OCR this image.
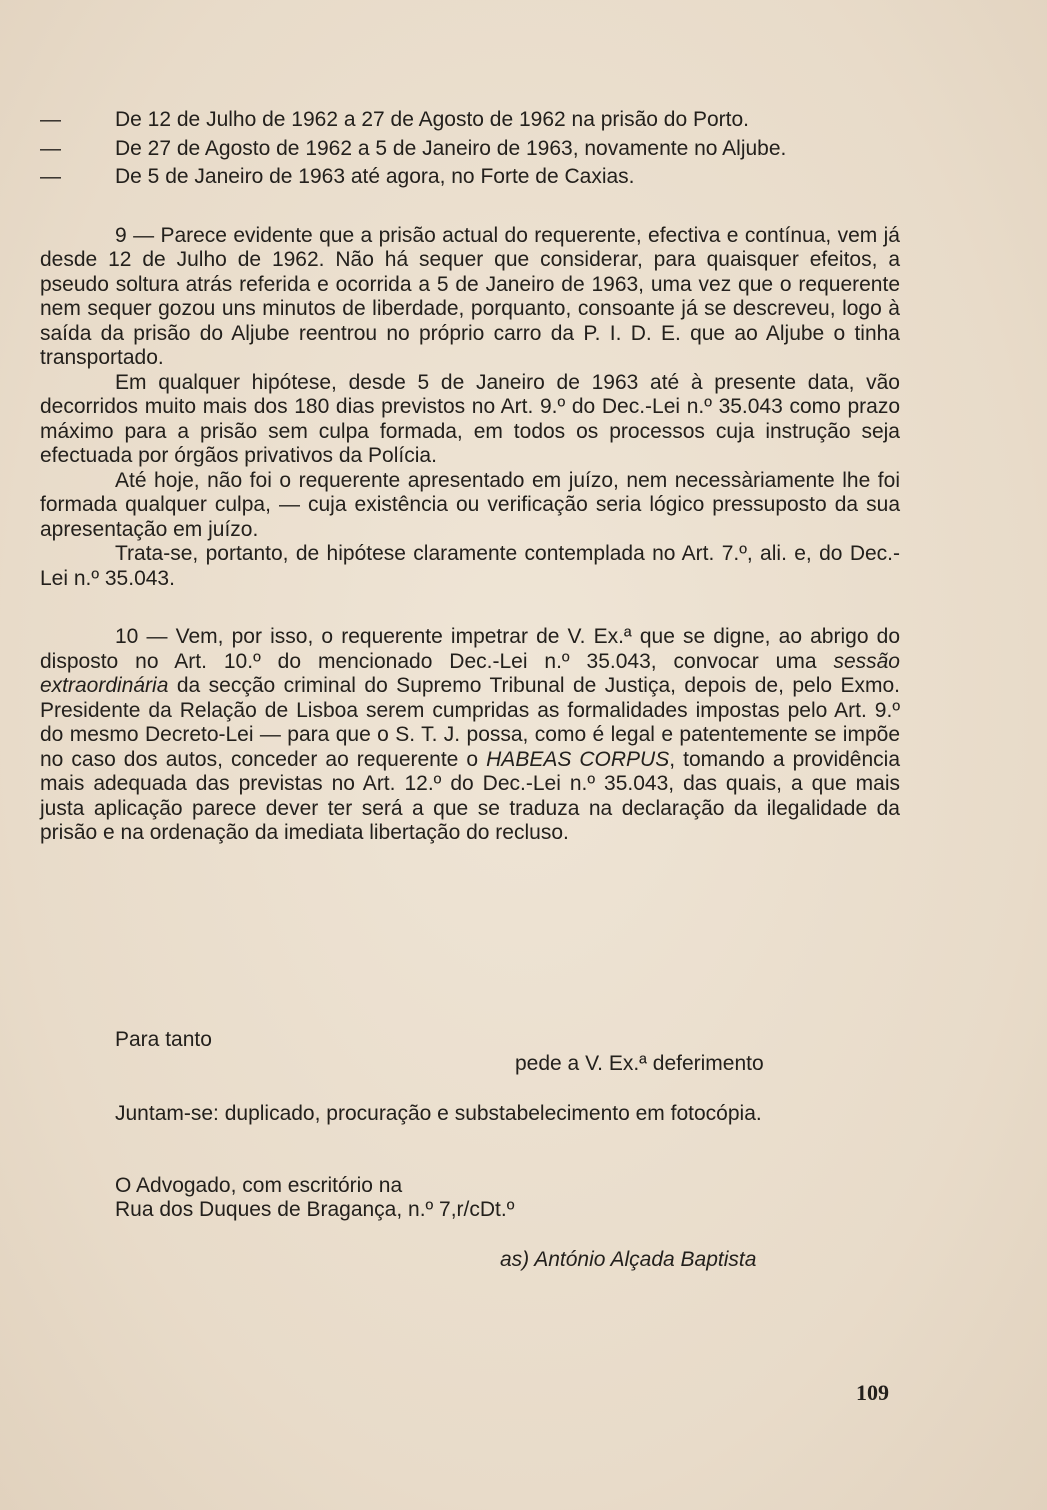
—	De 12 de Julho de 1962 a 27 de Agosto de 1962 na prisão do Porto.

—	De 27 de Agosto de 1962 a 5 de Janeiro de 1963, novamente no Aljube.

—	De 5 de Janeiro de 1963 até agora, no Forte de Caxias.

9 — Parece evidente que a prisão actual do requerente, efectiva e contínua, vem já desde 12 de Julho de 1962. Não há sequer que considerar, para quaisquer efeitos, a pseudo soltura atrás referida e ocorrida a 5 de Janeiro de 1963, uma vez que o requerente nem sequer gozou uns minutos de liberdade, porquanto, consoante já se descreveu, logo à saída da prisão do Aljube reentrou no próprio carro da P. I. D. E. que ao Aljube o tinha transportado.

Em qualquer hipótese, desde 5 de Janeiro de 1963 até à presente data, vão decorridos muito mais dos 180 dias previstos no Art. 9.º do Dec.-Lei n.º 35.043 como prazo máximo para a prisão sem culpa formada, em todos os processos cuja instrução seja efectuada por órgãos privativos da Polícia.

Até hoje, não foi o requerente apresentado em juízo, nem necessàriamente lhe foi formada qualquer culpa, — cuja existência ou verificação seria lógico pressuposto da sua apresentação em juízo.

Trata-se, portanto, de hipótese claramente contemplada no Art. 7.º, ali. e, do Dec.-Lei n.º 35.043.

10 — Vem, por isso, o requerente impetrar de V. Ex.ª que se digne, ao abrigo do disposto no Art. 10.º do mencionado Dec.-Lei n.º 35.043, convocar uma sessão extraordinária da secção criminal do Supremo Tribunal de Justiça, depois de, pelo Exmo. Presidente da Relação de Lisboa serem cumpridas as formalidades impostas pelo Art. 9.º do mesmo Decreto-Lei — para que o S. T. J. possa, como é legal e patentemente se impõe no caso dos autos, conceder ao requerente o HABEAS CORPUS, tomando a providência mais adequada das previstas no Art. 12.º do Dec.-Lei n.º 35.043, das quais, a que mais justa aplicação parece dever ter será a que se traduza na declaração da ilegalidade da prisão e na ordenação da imediata libertação do recluso.

Para tanto
pede a V. Ex.ª deferimento
Juntam-se: duplicado, procuração e substabelecimento em fotocópia.
O Advogado, com escritório na
Rua dos Duques de Bragança, n.º 7,r/cDt.º
as) António Alçada Baptista
109
